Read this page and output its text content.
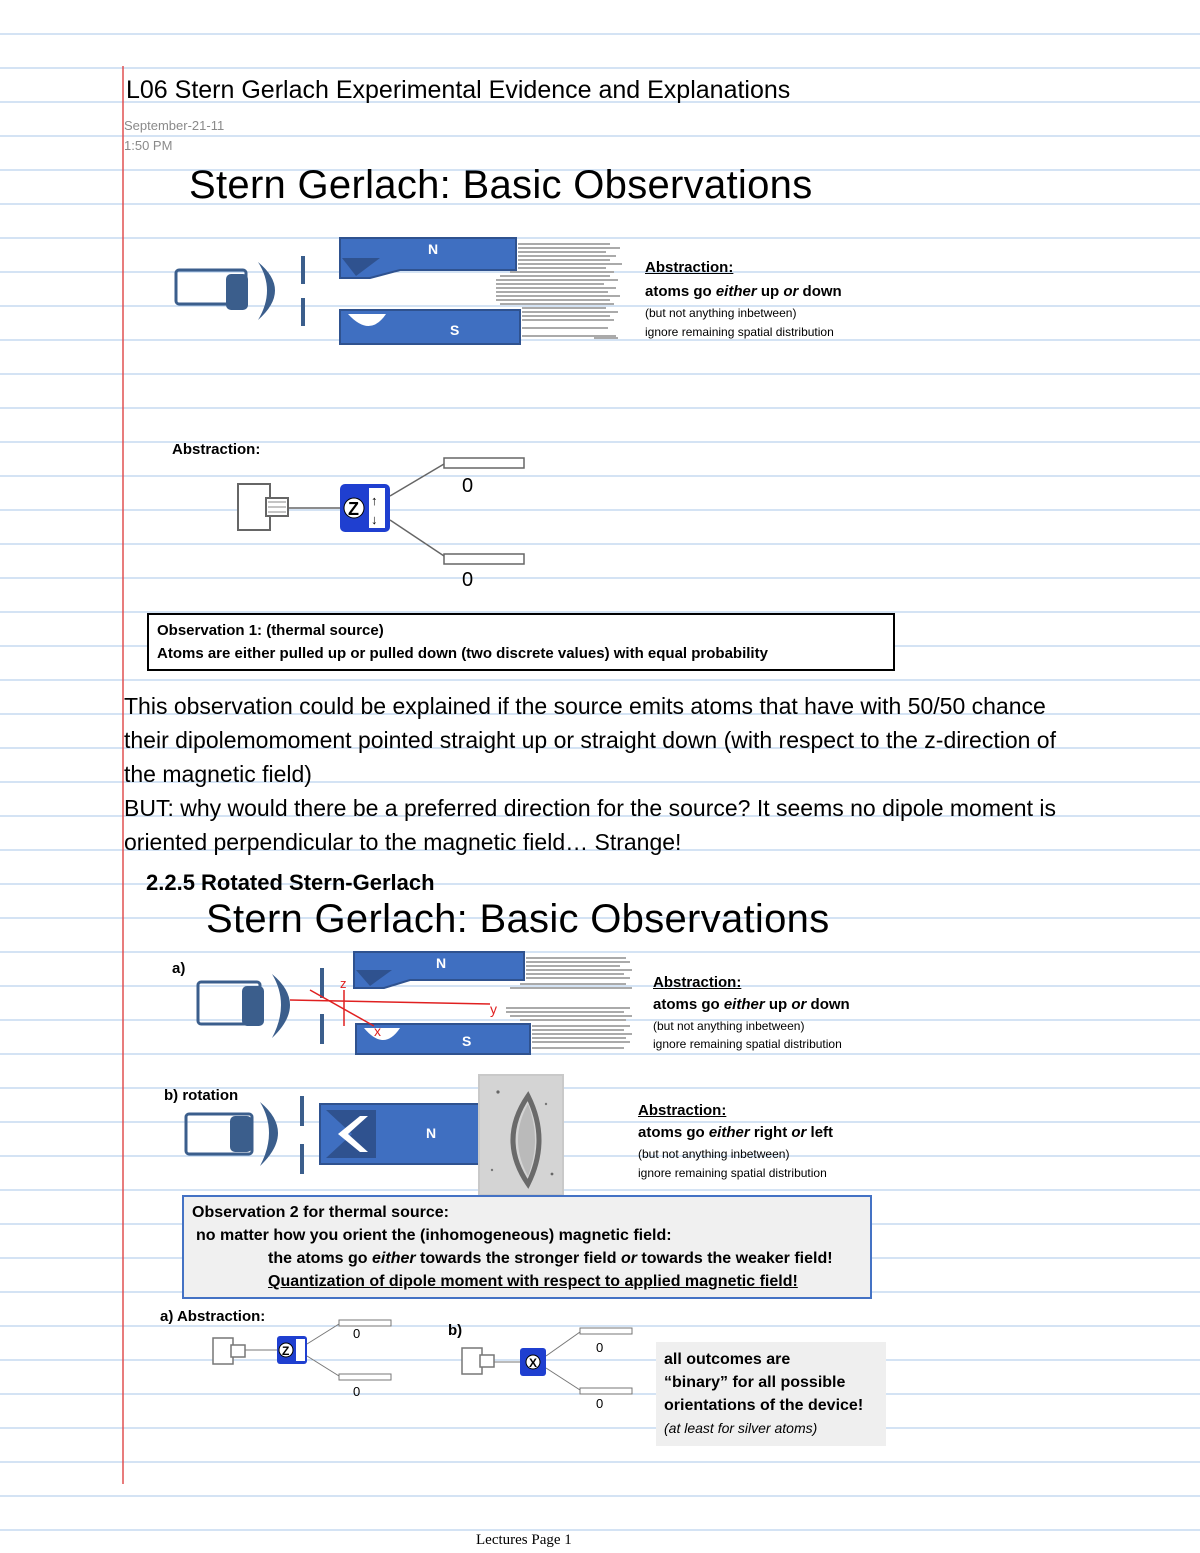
L06 Stern Gerlach Experimental Evidence and Explanations
September-21-11
1:50 PM
Stern Gerlach: Basic Observations
N
S
Abstraction:
atoms go either up or down
(but not anything inbetween)
ignore remaining spatial distribution
Abstraction:
Z ↑
↓
0
0
Observation 1: (thermal source)
Atoms are either pulled up or pulled down (two discrete values) with equal probability
This observation could be explained if the source emits atoms that have with 50/50 chance
their dipolemomoment pointed straight up or straight down (with respect to the z-direction of
the magnetic field)
BUT: why would there be a preferred direction for the source? It seems no dipole moment is
oriented perpendicular to the magnetic field… Strange!
2.2.5 Rotated Stern-Gerlach
Stern Gerlach: Basic Observations
a)	N
S
z
y
x
Abstraction:
atoms go either up or down
(but not anything inbetween)
ignore remaining spatial distribution
b) rotation
N
Abstraction:
atoms go either right or left
(but not anything inbetween)
ignore remaining spatial distribution
Observation 2 for thermal source:
no matter how you orient the (inhomogeneous) magnetic field:
the atoms go either towards the stronger field or towards the weaker field!
Quantization of dipole moment with respect to applied magnetic field!
a) Abstraction:
Z
0
0
b)
X
0
0
all outcomes are
“binary” for all possible
orientations of the device!
(at least for silver atoms)
Lectures Page 1
